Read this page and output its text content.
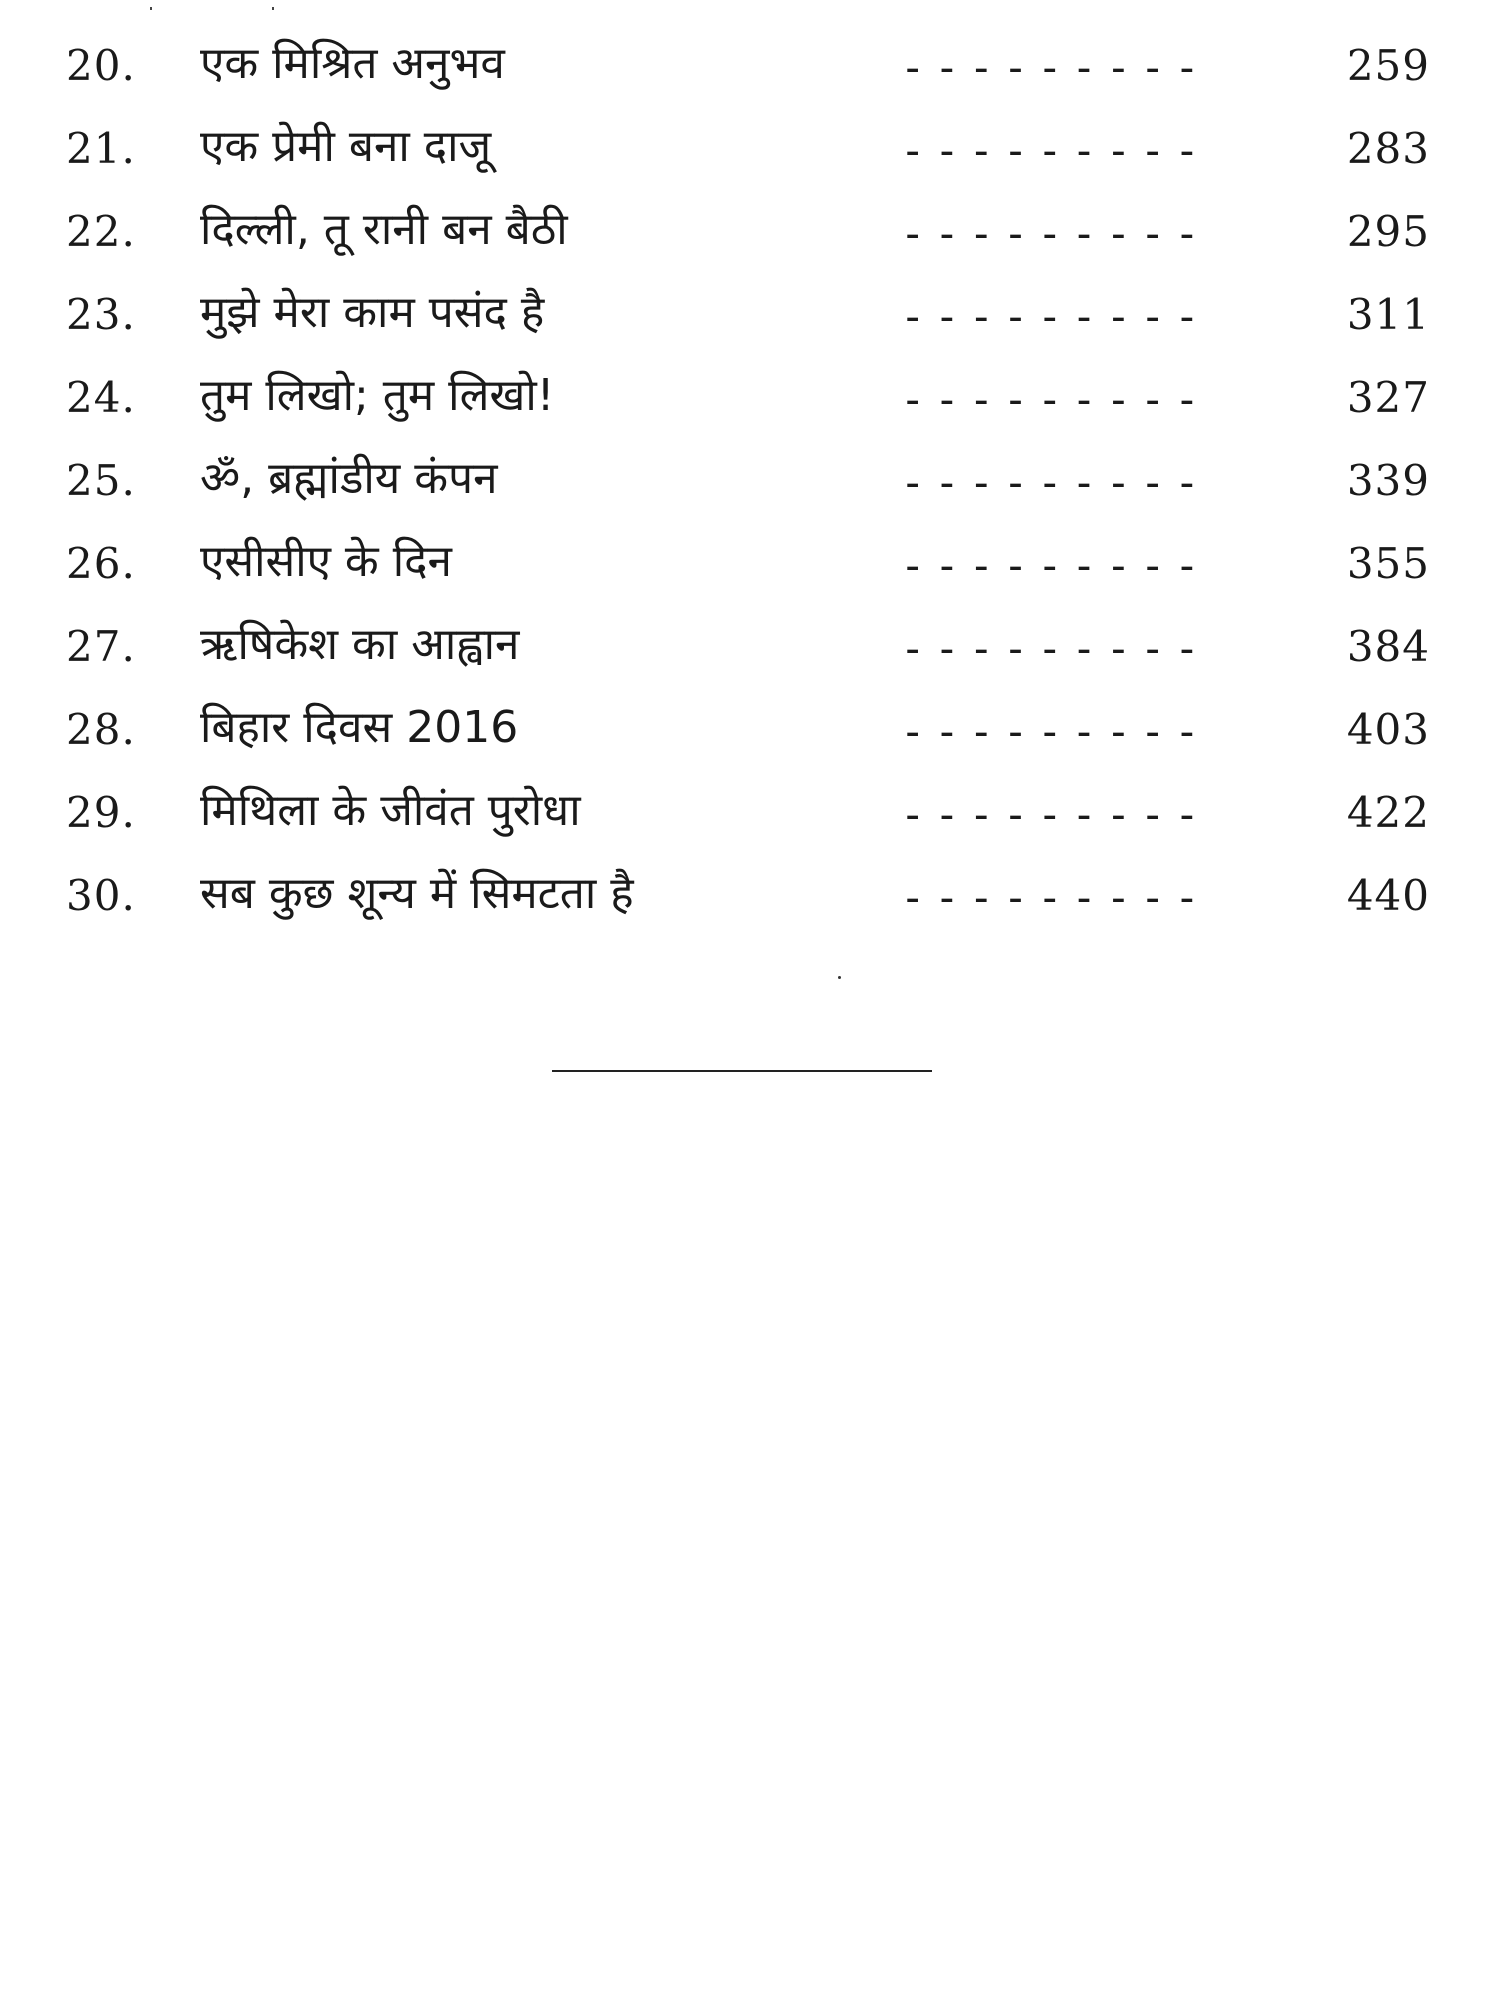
20.	एक मिश्रित अनुभव	---------	259
21.	एक प्रेमी बना दाजू	---------	283
22.	दिल्ली, तू रानी बन बैठी	---------	295
23.	मुझे मेरा काम पसंद है	---------	311
24.	तुम लिखो; तुम लिखो!	---------	327
25.	ॐ, ब्रह्मांडीय कंपन	---------	339
26.	एसीसीए के दिन	---------	355
27.	ऋषिकेश का आह्वान	---------	384
28.	बिहार दिवस 2016	---------	403
29.	मिथिला के जीवंत पुरोधा	---------	422
30.	सब कुछ शून्य में सिमटता है	---------	440
